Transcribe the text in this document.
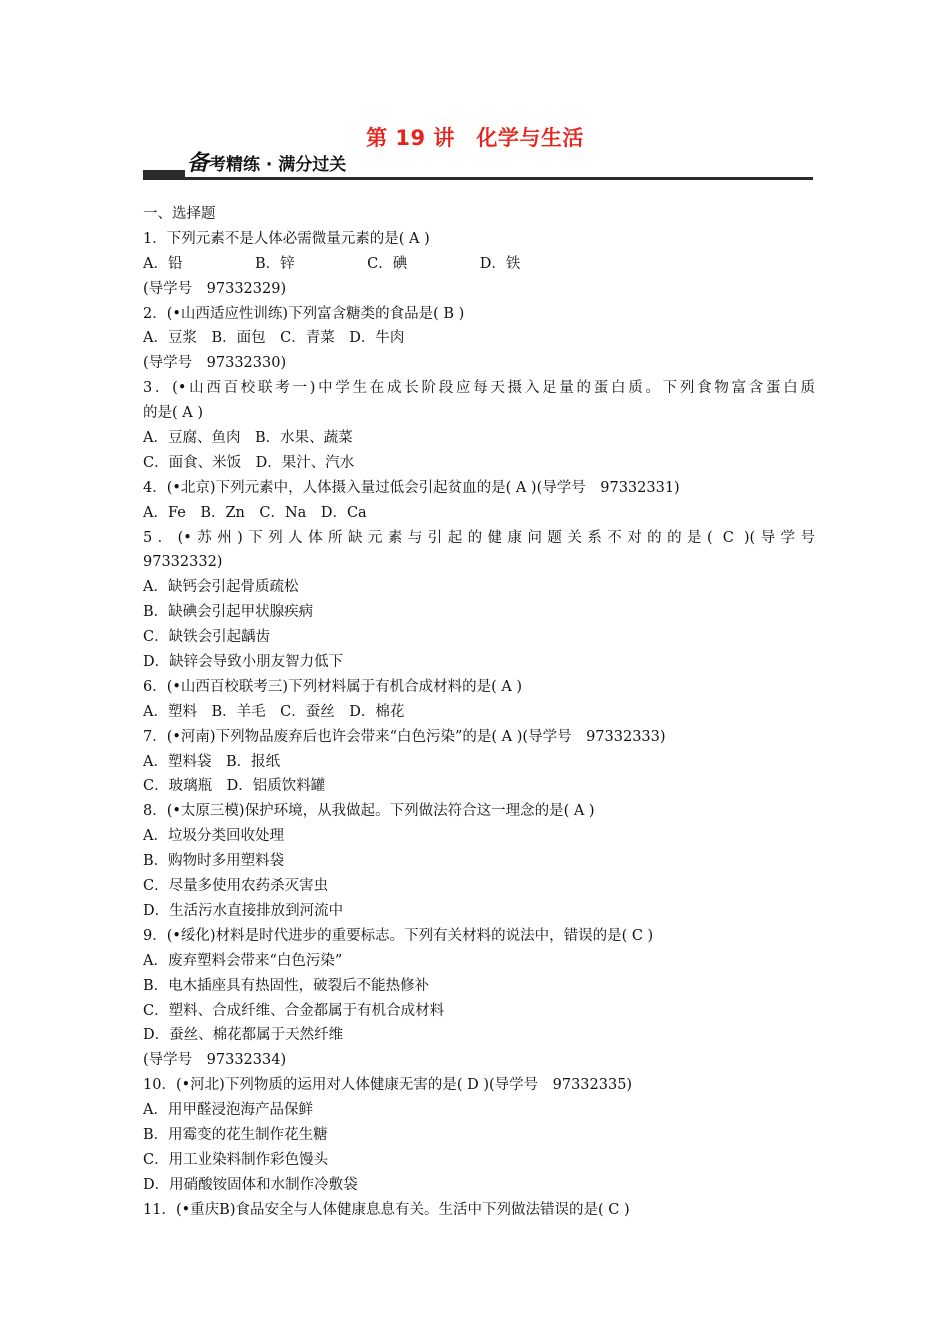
第 19 讲　化学与生活
备考精练 · 满分过关
一、选择题
1．下列元素不是人体必需微量元素的是( A )
A．铅　　　　　B．锌　　　　　C．碘　　　　　D．铁
(导学号　97332329)
2．(•山西适应性训练)下列富含糖类的食品是( B )
A．豆浆　B．面包　C．青菜　D．牛肉
(导学号　97332330)
3．(•山西百校联考一)中学生在成长阶段应每天摄入足量的蛋白质。下列食物富含蛋白质
的是( A )
A．豆腐、鱼肉　B．水果、蔬菜
C．面食、米饭　D．果汁、汽水
4．(•北京)下列元素中，人体摄入量过低会引起贫血的是( A )(导学号　97332331)
A．Fe　B．Zn　C．Na　D．Ca
5．(•苏州)下列人体所缺元素与引起的健康问题关系不对的的是( C )(导学号
97332332)
A．缺钙会引起骨质疏松
B．缺碘会引起甲状腺疾病
C．缺铁会引起龋齿
D．缺锌会导致小朋友智力低下
6．(•山西百校联考三)下列材料属于有机合成材料的是( A )
A．塑料　B．羊毛　C．蚕丝　D．棉花
7．(•河南)下列物品废弃后也许会带来“白色污染”的是( A )(导学号　97332333)
A．塑料袋　B．报纸
C．玻璃瓶　D．铝质饮料罐
8．(•太原三模)保护环境，从我做起。下列做法符合这一理念的是( A )
A．垃圾分类回收处理
B．购物时多用塑料袋
C．尽量多使用农药杀灭害虫
D．生活污水直接排放到河流中
9．(•绥化)材料是时代进步的重要标志。下列有关材料的说法中，错误的是( C )
A．废弃塑料会带来“白色污染”
B．电木插座具有热固性，破裂后不能热修补
C．塑料、合成纤维、合金都属于有机合成材料
D．蚕丝、棉花都属于天然纤维
(导学号　97332334)
10．(•河北)下列物质的运用对人体健康无害的是( D )(导学号　97332335)
A．用甲醛浸泡海产品保鲜
B．用霉变的花生制作花生糖
C．用工业染料制作彩色馒头
D．用硝酸铵固体和水制作冷敷袋
11．(•重庆B)食品安全与人体健康息息有关。生活中下列做法错误的是( C )
